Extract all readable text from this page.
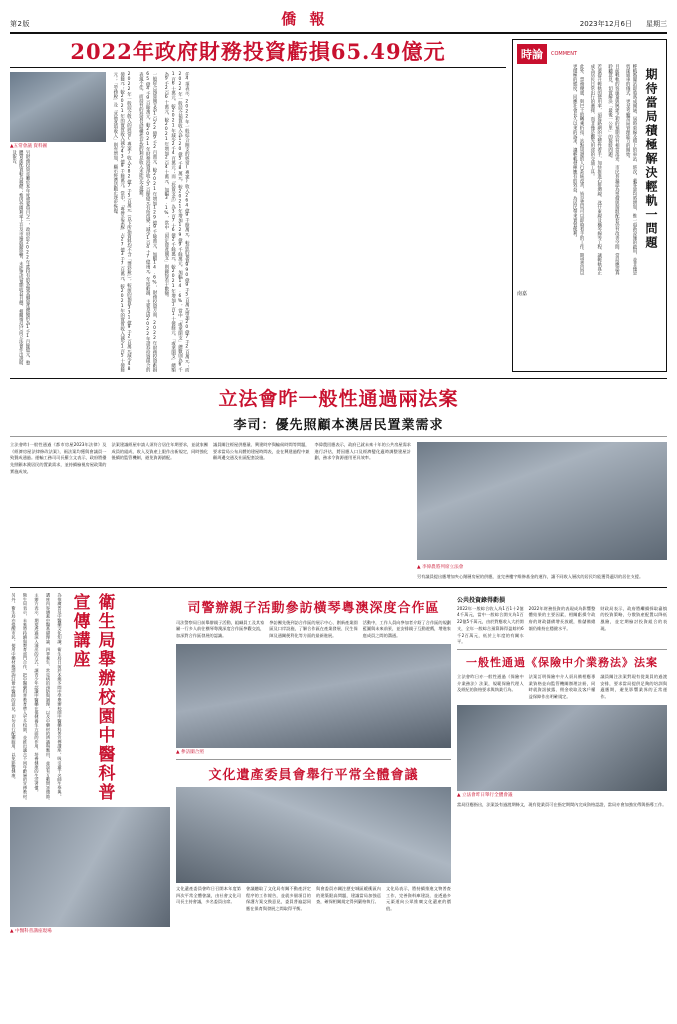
第2版	僑 報	2023年12月6日 星期三
2022年政府財務投資虧損65.49億元
▲五常會議 資料圖
另財務投資亦屬於本年度重要項目之一，政府於2022年底持有的各類金融資產總額約為1千1百餘億元，整體資產配置較為穩健；惟因外圍利率上升及市場波動影響，未能達成預期收益目標，相關情況已向立法會作出說明及報告。	2022年一般綜合收入的經常(專案)收入282億7千5百萬元（以下所指資料均不含「博彩稅」），較前的預算331億9千2百萬元減少48億餘元；較2021年的實質收入減少43億9千餘萬元。當中，「專營企業稅」占27億3千7百萬元，較2021年的實質收入減少1百5十億餘元；「勞務稅」及「其他各項收入」則有增加，顯示經濟活動正逐步恢復。	一般綜合預算開支為1百22億9千2百萬元，較2021年增加129億9千餘萬元，加幅14.6%，財務投資方面，2022年財務投資虧損65億4千9百餘萬元，較2021年財務投資淨收入3百餘億元有所改變；減少1百4十7億兩元。年度虧損，主要是因2022年證券投資組合的表現不佳，而持有的投資及結構性存款的利息收入未能完全抵銷。	仟4項表示，2022年一般綜合開支的經常(專案)收入264億9千餘萬元，較前的預算990億9千5百萬元增加20億7千2百萬元；而2022年一般綜合預算收入為120億5千8萬元，較2021年增加129億9千餘萬元，加幅14.6%，當中「或業開支」總數則為6千1百6十萬元，較2021年減少2千4百萬元；而「投資支出」為3百7十6億2千餘萬元，較2021年增加1百1十億餘元，「或業開支」總額為9千2百6十萬元，較2021年增加2百4十萬元，加幅3.1%，當中「固定資產開支」則錄得若干數額。
時論	COMMENT
此外，票務優惠、與巴士的轉乘折扣、站點周邊的人行系統改善，皆是當局可以即時着手的工作。期望當局以更積極的態度，回應社會長久以來的訴求，讓輕軌發揮應有的效益，為居民帶來實質便利。	若要提升輕軌的使用率，須從路網的完整性着手，加快推進石排灣線、氹仔東線及橫琴線等工程，讓輕軌真正成為居民日常出行的選擇，而非僅是觀光用途的交通工具。	目前輕軌的客運量與興建之初的預期仍有相當落差，市民普遍認為票價與接駁配套仍有改善空間，當局應認真聆聽意見，切實解決「最後一公里」的接駁問題。	輕軌媽閣站即將落成開通，屆時東線及環上的車站、班次、載客量均將增加，惟一項新設施的啟用，並非僅是剪綵通車的儀式，更是考驗當局管理能力的開始。	期待當局積極解決輕軌一問題
南嘉
立法會昨一般性通過兩法案
李司：優先照顧本澳居民置業需求
立法會昨(一般性通過《都市房屋2023年法律》及《經濟房屋法律修改法案》，兩法案均獲與會議員一致贊成通過。運輸工務司司長羅立文表示，政府將優先照顧本澳居民的置業需求，並持續檢視房屋政策的實施成效。
法案建議經屋申請人須符合居住年期要求，並就家團成員的組成、收入及資產上限作出新規定，同時強化後續的監管機制，避免資源錯配。
議員關注經屋供應量、興建時序與輪候時間等問題，要求當局公布具體的建屋時間表，並在興建過程中兼顧周邊交通及社區配套設施。
李偉農回應表示，政府已就未來十年的公共房屋需求進行評估，將因應人口及經濟變化適時調整建屋計劃，務求令資源運用更具效率。
▲ 李偉農將列席立法會
另有議員提出應增加夾心階層房屋的供應，並完善樓宇維修基金的運作，讓不同收入層次的居民均能獲得適切的居住支援。
另外，衛生局亦提醒市民，使用中藥材應諮詢註冊中醫師的意見，切勿自行配藥服用，以免影響健康。	衛生局表示，未來將持續與教育部門合作，把中醫藥科普教育帶入更多校園，並推出適合不同年齡層的宣傳教材。	主辦方表示，期望透過深入淺出的方式，讓青少年認識中醫藥在保健養生方面的作用，培養健康的生活習慣。	講座內容涵蓋中醫基礎理論、四季養生、常見病的預防與調理，以及中藥材的辨識與應用，並設有互動問答環節。	為推廣普及中醫藥文化知識，衛生局日前於本澳多間中學舉辦校園中醫藥科普宣傳講座，吸引逾千名師生參與。	衛生局舉辦校園中醫科普宣傳講座
▲ 中醫科普講座現場
司警辦親子活動參訪橫琴粵澳深度合作區
司法警察局日前舉辦親子活動，組織員工及其家屬一行多人前往橫琴粵澳深度合作區參觀交流，加深對合作區發展的認識。
參訪團先後到訪合作區的展示中心、創新產業園區及口岸設施，了解合作區在產業發展、民生保障及通關便利化等方面的最新進展。
活動中，工作人員向參加者介紹了合作區的規劃藍圖與未來前景，並安排親子互動遊戲，增進家庭成員之間的溝通。
▲ 參訪團合照
文化遺產委員會舉行平常全體會議
文化遺產委員會昨日召開本年度第四次平常全體會議，由社會文化司司長主持會議，多名委員出席。
會議聽取了文化局有關不動產評定程序的工作報告，並就多個項目的保護方案交換意見，委員普遍認同應在保育與發展之間取得平衡。
與會委員亦關注歷史城區緩衝區內的建築限高問題，建議當局加強巡查，確保相關規定得到嚴格執行。
文化局表示，將持續推進文物普查工作，完善資料庫建設，並透過多元渠道向公眾推廣文化遺產的價值。
公共投資錄得虧損
2022年一般綜合收入為1百1十2億4千萬元，當中一般綜合開支為1百22億5千萬元，由於對應收入大於開支，全年一般綜合預算錄得盈餘約6千2百萬元，低於上年度的有關水平。
2022年財務投資的表現成為影響整體結果的主要因素，相關虧損令政府的財政儲備增長放緩，惟儲備總額仍維持在穩健水平。
財政局表示，政府將繼續採取審慎的投資策略，分散資產配置以降低風險，並定期檢討投資組合的表現。
一般性通過《保險中介業務法》法案
立法會昨日亦一般性通過《保險中介業務法》法案，規範保險代理人及經紀的資格要求與執業行為。
法案訂明保險中介人須具備相應專業資格並向監管機關辦理註冊，同時就資訊披露、佣金收取及客戶權益保障作出明確規定。
議員關注法案對現有從業員的過渡安排，要求當局提供足夠的培訓與適應期，避免影響業界的正常運作。
▲ 立法會昨日舉行全體會議
當局回應指出，法案設有過渡期條文，現有從業員可在指定期間內完成資格認證，當局亦會加強宣傳與指導工作。
